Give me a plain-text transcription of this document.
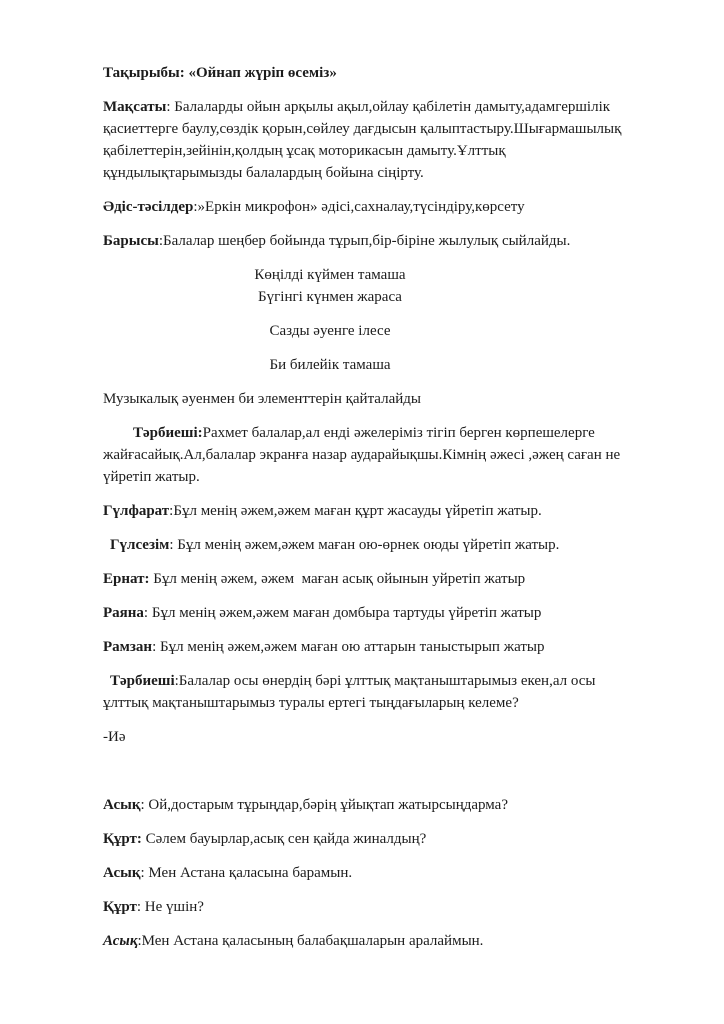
Тақырыбы: «Ойнап жүріп өсеміз»

Мақсаты: Балаларды ойын арқылы ақыл,ойлау қабілетін дамыту,адамгершілік қасиеттерге баулу,сөздік қорын,сөйлеу дағдысын қалыптастыру.Шығармашылық қабілеттерін,зейінін,қолдың ұсақ моторикасын дамыту.Ұлттық құндылықтарымызды балалардың бойына сіңірту.

Әдіс-тәсілдер:»Еркін микрофон» әдісі,сахналау,түсіндіру,көрсету

Барысы:Балалар шеңбер бойында тұрып,бір-біріне жылулық сыйлайды.

Көңілді күймен тамаша

Бүгінгі күнмен жараса

Сазды әуенге ілесе

Би билейік тамаша

Музыкалық әуенмен би элементтерін қайталайды

Тәрбиеші:Рахмет балалар,ал енді әжелеріміз тігіп берген көрпешелерге жайғасайық.Ал,балалар экранға назар аударайықшы.Кімнің әжесі ,әжең саған не үйретіп жатыр.

Гүлфарат:Бұл менің әжем,әжем маған құрт жасауды үйретіп жатыр.

Гүлсезім: Бұл менің әжем,әжем маған ою-өрнек оюды үйретіп жатыр.

Ернат: Бұл менің әжем, әжем  маған асық ойынын уйретіп жатыр

Раяна: Бұл менің әжем,әжем маған домбыра тартуды үйретіп жатыр

Рамзан: Бұл менің әжем,әжем маған ою аттарын таныстырып жатыр

Тәрбиеші:Балалар осы өнердің бәрі ұлттық мақтаныштарымыз екен,ал осы ұлттық мақтаныштарымыз туралы ертегі тыңдағыларың келеме?

-Иә

Асық: Ой,достарым тұрыңдар,бәрің ұйықтап жатырсыңдарма?

Құрт: Сәлем бауырлар,асық сен қайда жиналдың?

Асық: Мен Астана қаласына барамын.

Құрт: Не үшін?

Асық:Мен Астана қаласының балабақшаларын аралаймын.
